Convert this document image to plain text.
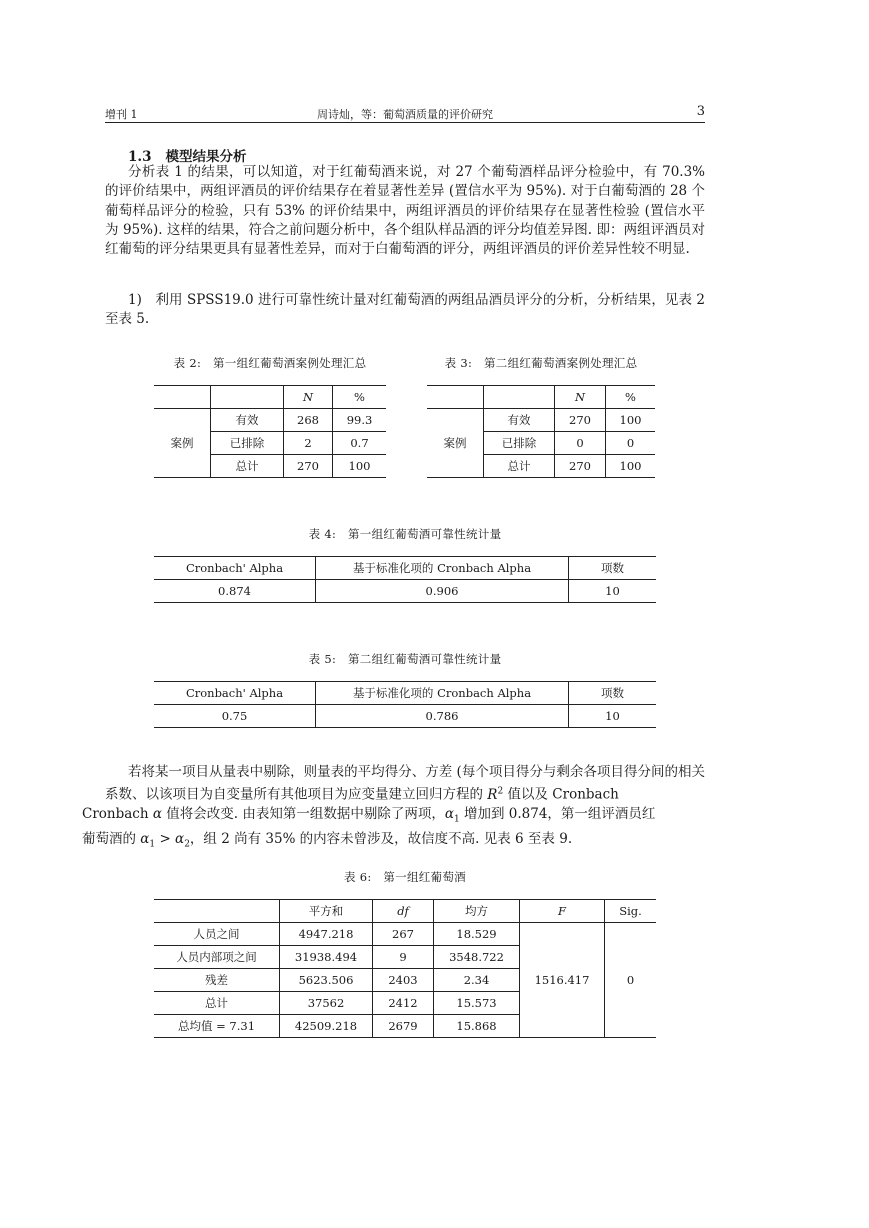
增刊 1	周诗灿，等：葡萄酒质量的评价研究	3
1.3 模型结果分析
分析表 1 的结果，可以知道，对于红葡萄酒来说，对 27 个葡萄酒样品评分检验中，有 70.3% 的评价结果中，两组评酒员的评价结果存在着显著性差异 (置信水平为 95%). 对于白葡萄酒的 28 个葡萄样品评分的检验，只有 53% 的评价结果中，两组评酒员的评价结果存在显著性检验 (置信水平为 95%). 这样的结果，符合之前问题分析中，各个组队样品酒的评分均值差异图. 即：两组评酒员对红葡萄的评分结果更具有显著性差异，而对于白葡萄酒的评分，两组评酒员的评价差异性较不明显.
1)　利用 SPSS19.0 进行可靠性统计量对红葡萄酒的两组品酒员评分的分析，分析结果，见表 2 至表 5.
表 2:　第一组红葡萄酒案例处理汇总
		N	%
案例	有效	268	99.3
	已排除	2	0.7
	总计	270	100
表 3:　第二组红葡萄酒案例处理汇总
		N	%
案例	有效	270	100
	已排除	0	0
	总计	270	100
表 4:　第一组红葡萄酒可靠性统计量
Cronbach' Alpha	基于标准化项的 Cronbach Alpha	项数
0.874	0.906	10
表 5:　第二组红葡萄酒可靠性统计量
Cronbach' Alpha	基于标准化项的 Cronbach Alpha	项数
0.75	0.786	10
若将某一项目从量表中剔除，则量表的平均得分、方差 (每个项目得分与剩余各项目得分间的相关系数、以该项目为自变量所有其他项目为应变量建立回归方程的 $R^2$ 值以及 Cronbach
Cronbach α 值将会改变. 由表知第一组数据中剔除了两项，$\alpha_1$ 增加到 0.874，第一组评酒员红
葡萄酒的 $\alpha_1 > \alpha_2$，组 2 尚有 35% 的内容未曾涉及，故信度不高. 见表 6 至表 9.
表 6:　第一组红葡萄酒
	平方和	df	均方	F	Sig.
人员之间	4947.218	267	18.529	1516.417	0
人员内部项之间	31938.494	9	3548.722		
残差	5623.506	2403	2.34		
总计	37562	2412	15.573		
总均值 = 7.31	42509.218	2679	15.868		
